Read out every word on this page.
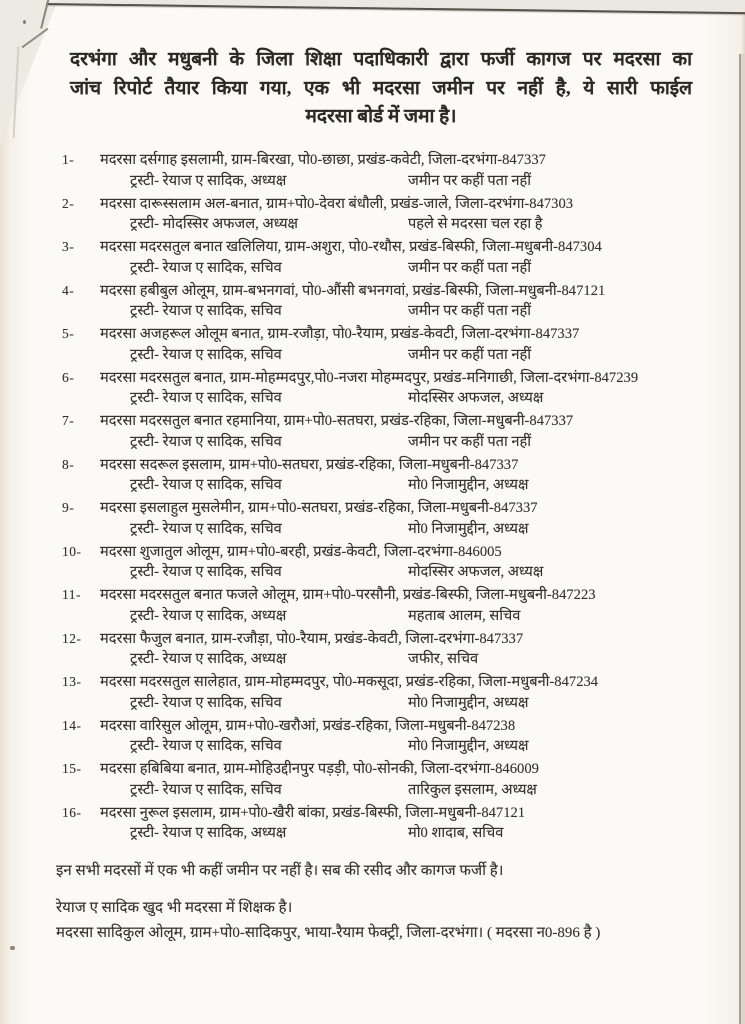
दरभंगा और मधुबनी के जिला शिक्षा पदाधिकारी द्वारा फर्जी कागज पर मदरसा का
जांच रिपोर्ट तैयार किया गया, एक भी मदरसा जमीन पर नहीं है, ये सारी फाईल
मदरसा बोर्ड में जमा है।
1- मदरसा दर्सगाह इसलामी, ग्राम-बिरखा, पो0-छाछा, प्रखंड-कवेटी, जिला-दरभंगा-847337
ट्रस्टी- रेयाज ए सादिक, अध्यक्ष	जमीन पर कहीं पता नहीं
2- मदरसा दारूस्सलाम अल-बनात, ग्राम+पो0-देवरा बंधौली, प्रखंड-जाले, जिला-दरभंगा-847303
ट्रस्टी- मोदस्सिर अफजल, अध्यक्ष	पहले से मदरसा चल रहा है
3- मदरसा मदरसतुल बनात खलिलिया, ग्राम-अशुरा, पो0-रथौस, प्रखंड-बिस्फी, जिला-मधुबनी-847304
ट्रस्टी- रेयाज ए सादिक, सचिव	जमीन पर कहीं पता नहीं
4- मदरसा हबीबुल ओलूम, ग्राम-बभनगवां, पो0-औंसी बभनगवां, प्रखंड-बिस्फी, जिला-मधुबनी-847121
ट्रस्टी- रेयाज ए सादिक, सचिव	जमीन पर कहीं पता नहीं
5- मदरसा अजहरूल ओलूम बनात, ग्राम-रजौड़ा, पो0-रैयाम, प्रखंड-केवटी, जिला-दरभंगा-847337
ट्रस्टी- रेयाज ए सादिक, सचिव	जमीन पर कहीं पता नहीं
6- मदरसा मदरसतुल बनात, ग्राम-मोहम्मदपुर,पो0-नजरा मोहम्मदपुर, प्रखंड-मनिगाछी, जिला-दरभंगा-847239
ट्रस्टी- रेयाज ए सादिक, सचिव	मोदस्सिर अफजल, अध्यक्ष
7- मदरसा मदरसतुल बनात रहमानिया, ग्राम+पो0-सतघरा, प्रखंड-रहिका, जिला-मधुबनी-847337
ट्रस्टी- रेयाज ए सादिक, सचिव	जमीन पर कहीं पता नहीं
8- मदरसा सदरूल इसलाम, ग्राम+पो0-सतघरा, प्रखंड-रहिका, जिला-मधुबनी-847337
ट्रस्टी- रेयाज ए सादिक, सचिव	मो0 निजामुद्दीन, अध्यक्ष
9- मदरसा इसलाहुल मुसलेमीन, ग्राम+पो0-सतघरा, प्रखंड-रहिका, जिला-मधुबनी-847337
ट्रस्टी- रेयाज ए सादिक, सचिव	मो0 निजामुद्दीन, अध्यक्ष
10- मदरसा शुजातुल ओलूम, ग्राम+पो0-बरही, प्रखंड-केवटी, जिला-दरभंगा-846005
ट्रस्टी- रेयाज ए सादिक, सचिव	मोदस्सिर अफजल, अध्यक्ष
11- मदरसा मदरसतुल बनात फजले ओलूम, ग्राम+पो0-परसौनी, प्रखंड-बिस्फी, जिला-मधुबनी-847223
ट्रस्टी- रेयाज ए सादिक, अध्यक्ष	महताब आलम, सचिव
12- मदरसा फैजुल बनात, ग्राम-रजौड़ा, पो0-रैयाम, प्रखंड-केवटी, जिला-दरभंगा-847337
ट्रस्टी- रेयाज ए सादिक, अध्यक्ष	जफीर, सचिव
13- मदरसा मदरसतुल सालेहात, ग्राम-मोहम्मदपुर, पो0-मकसूदा, प्रखंड-रहिका, जिला-मधुबनी-847234
ट्रस्टी- रेयाज ए सादिक, सचिव	मो0 निजामुद्दीन, अध्यक्ष
14- मदरसा वारिसुल ओलूम, ग्राम+पो0-खरौआं, प्रखंड-रहिका, जिला-मधुबनी-847238
ट्रस्टी- रेयाज ए सादिक, सचिव	मो0 निजामुद्दीन, अध्यक्ष
15- मदरसा हबिबिया बनात, ग्राम-मोहिउद्दीनपुर पड़ड़ी, पो0-सोनकी, जिला-दरभंगा-846009
ट्रस्टी- रेयाज ए सादिक, सचिव	तारिकुल इसलाम, अध्यक्ष
16- मदरसा नुरूल इसलाम, ग्राम+पो0-खैरी बांका, प्रखंड-बिस्फी, जिला-मधुबनी-847121
ट्रस्टी- रेयाज ए सादिक, अध्यक्ष	मो0 शादाब, सचिव

इन सभी मदरसों में एक भी कहीं जमीन पर नहीं है। सब की रसीद और कागज फर्जी है।

रेयाज ए सादिक खुद भी मदरसा में शिक्षक है।

मदरसा सादिकुल ओलूम, ग्राम+पो0-सादिकपुर, भाया-रैयाम फेक्ट्री, जिला-दरभंगा। ( मदरसा न0-896 है )
